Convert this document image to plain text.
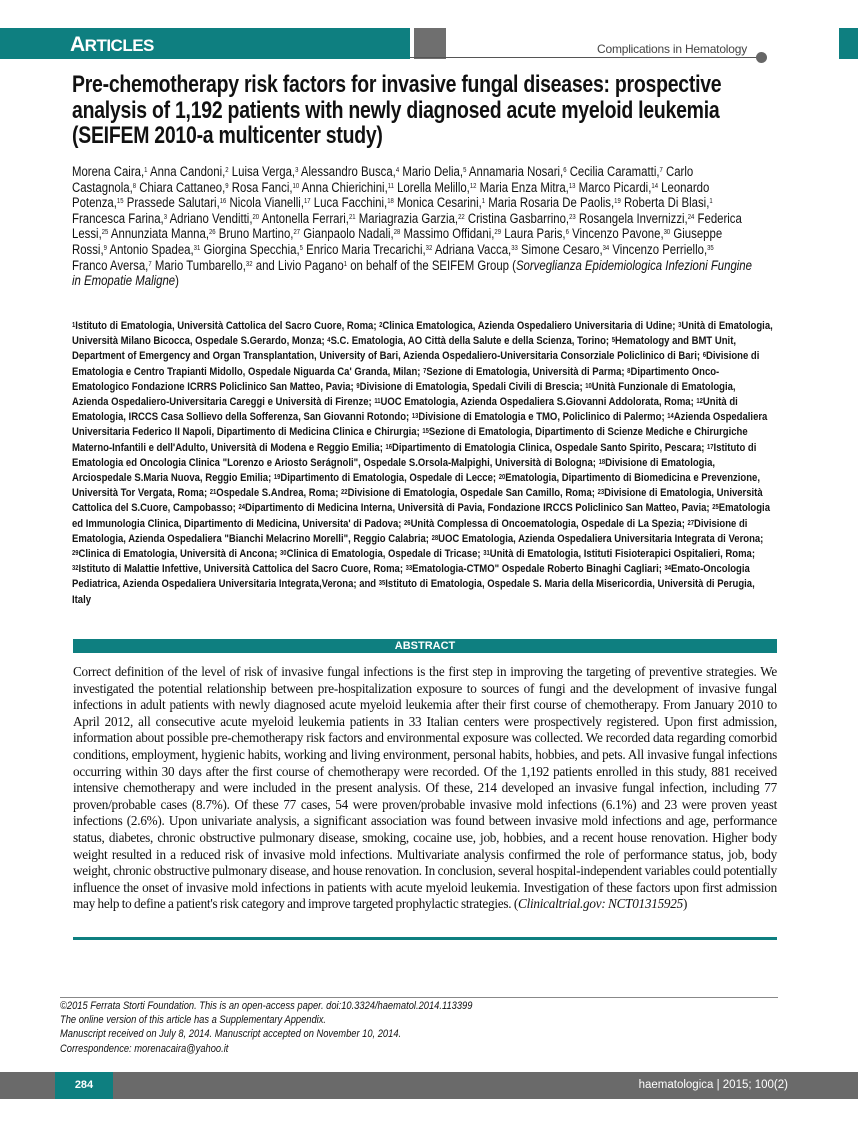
ARTICLES	Complications in Hematology
Pre-chemotherapy risk factors for invasive fungal diseases: prospective analysis of 1,192 patients with newly diagnosed acute myeloid leukemia (SEIFEM 2010-a multicenter study)
Morena Caira,$^1$ Anna Candoni,$^2$ Luisa Verga,$^3$ Alessandro Busca,$^4$ Mario Delia,$^5$ Annamaria Nosari,$^6$ Cecilia Caramatti,$^7$ Carlo Castagnola,$^8$ Chiara Cattaneo,$^9$ Rosa Fanci,$^{10}$ Anna Chierichini,$^{11}$ Lorella Melillo,$^{12}$ Maria Enza Mitra,$^{13}$ Marco Picardi,$^{14}$ Leonardo Potenza,$^{15}$ Prassede Salutari,$^{16}$ Nicola Vianelli,$^{17}$ Luca Facchini,$^{18}$ Monica Cesarini,$^1$ Maria Rosaria De Paolis,$^{19}$ Roberta Di Blasi,$^1$ Francesca Farina,$^3$ Adriano Venditti,$^{20}$ Antonella Ferrari,$^{21}$ Mariagrazia Garzia,$^{22}$ Cristina Gasbarrino,$^{23}$ Rosangela Invernizzi,$^{24}$ Federica Lessi,$^{25}$ Annunziata Manna,$^{26}$ Bruno Martino,$^{27}$ Gianpaolo Nadali,$^{28}$ Massimo Offidani,$^{29}$ Laura Paris,$^6$ Vincenzo Pavone,$^{30}$ Giuseppe Rossi,$^9$ Antonio Spadea,$^{31}$ Giorgina Specchia,$^5$ Enrico Maria Trecarichi,$^{32}$ Adriana Vacca,$^{33}$ Simone Cesaro,$^{34}$ Vincenzo Perriello,$^{35}$ Franco Aversa,$^7$ Mario Tumbarello,$^{32}$ and Livio Pagano$^1$ on behalf of the SEIFEM Group (Sorveglianza Epidemiologica Infezioni Fungine in Emopatie Maligne)
$^1$Istituto di Ematologia, Università Cattolica del Sacro Cuore, Roma; $^2$Clinica Ematologica, Azienda Ospedaliero Universitaria di Udine; $^3$Unità di Ematologia, Università Milano Bicocca, Ospedale S.Gerardo, Monza; $^4$S.C. Ematologia, AO Città della Salute e della Scienza, Torino; $^5$Hematology and BMT Unit, Department of Emergency and Organ Transplantation, University of Bari, Azienda Ospedaliero-Universitaria Consorziale Policlinico di Bari; $^6$Divisione di Ematologia e Centro Trapianti Midollo, Ospedale Niguarda Ca' Granda, Milan; $^7$Sezione di Ematologia, Università di Parma; $^8$Dipartimento Onco-Ematologico Fondazione ICRRS Policlinico San Matteo, Pavia; $^9$Divisione di Ematologia, Spedali Civili di Brescia; $^{10}$Unità Funzionale di Ematologia, Azienda Ospedaliero-Universitaria Careggi e Università di Firenze; $^{11}$UOC Ematologia, Azienda Ospedaliera S.Giovanni Addolorata, Roma; $^{12}$Unità di Ematologia, IRCCS Casa Sollievo della Sofferenza, San Giovanni Rotondo; $^{13}$Divisione di Ematologia e TMO, Policlinico di Palermo; $^{14}$Azienda Ospedaliera Universitaria Federico II Napoli, Dipartimento di Medicina Clinica e Chirurgia; $^{15}$Sezione di Ematologia, Dipartimento di Scienze Mediche e Chirurgiche Materno-Infantili e dell'Adulto, Università di Modena e Reggio Emilia; $^{16}$Dipartimento di Ematologia Clinica, Ospedale Santo Spirito, Pescara; $^{17}$Istituto di Ematologia ed Oncologia Clinica "Lorenzo e Ariosto Serágnoli", Ospedale S.Orsola-Malpighi, Università di Bologna; $^{18}$Divisione di Ematologia, Arciospedale S.Maria Nuova, Reggio Emilia; $^{19}$Dipartimento di Ematologia, Ospedale di Lecce; $^{20}$Ematologia, Dipartimento di Biomedicina e Prevenzione, Università Tor Vergata, Roma; $^{21}$Ospedale S.Andrea, Roma; $^{22}$Divisione di Ematologia, Ospedale San Camillo, Roma; $^{23}$Divisione di Ematologia, Università Cattolica del S.Cuore, Campobasso; $^{24}$Dipartimento di Medicina Interna, Università di Pavia, Fondazione IRCCS Policlinico San Matteo, Pavia; $^{25}$Ematologia ed Immunologia Clinica, Dipartimento di Medicina, Universita' di Padova; $^{26}$Unità Complessa di Oncoematologia, Ospedale di La Spezia; $^{27}$Divisione di Ematologia, Azienda Ospedaliera "Bianchi Melacrino Morelli", Reggio Calabria; $^{28}$UOC Ematologia, Azienda Ospedaliera Universitaria Integrata di Verona; $^{29}$Clinica di Ematologia, Università di Ancona; $^{30}$Clinica di Ematologia, Ospedale di Tricase; $^{31}$Unità di Ematologia, Istituti Fisioterapici Ospitalieri, Roma; $^{32}$Istituto di Malattie Infettive, Università Cattolica del Sacro Cuore, Roma; $^{33}$Ematologia-CTMO" Ospedale Roberto Binaghi Cagliari; $^{34}$Emato-Oncologia Pediatrica, Azienda Ospedaliera Universitaria Integrata,Verona; and $^{35}$Istituto di Ematologia, Ospedale S. Maria della Misericordia, Università di Perugia, Italy
ABSTRACT
Correct definition of the level of risk of invasive fungal infections is the first step in improving the targeting of preventive strategies. We investigated the potential relationship between pre-hospitalization exposure to sources of fungi and the development of invasive fungal infections in adult patients with newly diagnosed acute myeloid leukemia after their first course of chemotherapy. From January 2010 to April 2012, all consecutive acute myeloid leukemia patients in 33 Italian centers were prospectively registered. Upon first admission, information about possible pre-chemotherapy risk factors and environmental exposure was collected. We recorded data regarding comorbid conditions, employment, hygienic habits, working and living environment, personal habits, hobbies, and pets. All invasive fungal infections occurring within 30 days after the first course of chemotherapy were recorded. Of the 1,192 patients enrolled in this study, 881 received intensive chemotherapy and were included in the present analysis. Of these, 214 developed an invasive fungal infection, including 77 proven/probable cases (8.7%). Of these 77 cases, 54 were proven/probable invasive mold infections (6.1%) and 23 were proven yeast infections (2.6%). Upon univariate analysis, a significant association was found between invasive mold infections and age, performance status, diabetes, chronic obstructive pulmonary disease, smoking, cocaine use, job, hobbies, and a recent house renovation. Higher body weight resulted in a reduced risk of invasive mold infections. Multivariate analysis confirmed the role of performance status, job, body weight, chronic obstructive pulmonary disease, and house renovation. In conclusion, several hospital-independent variables could potentially influence the onset of invasive mold infections in patients with acute myeloid leukemia. Investigation of these factors upon first admission may help to define a patient's risk category and improve targeted prophylactic strategies. (Clinicaltrial.gov: NCT01315925)
©2015 Ferrata Storti Foundation. This is an open-access paper. doi:10.3324/haematol.2014.113399
The online version of this article has a Supplementary Appendix.
Manuscript received on July 8, 2014. Manuscript accepted on November 10, 2014.
Correspondence: morenacaira@yahoo.it
284	haematologica | 2015; 100(2)
